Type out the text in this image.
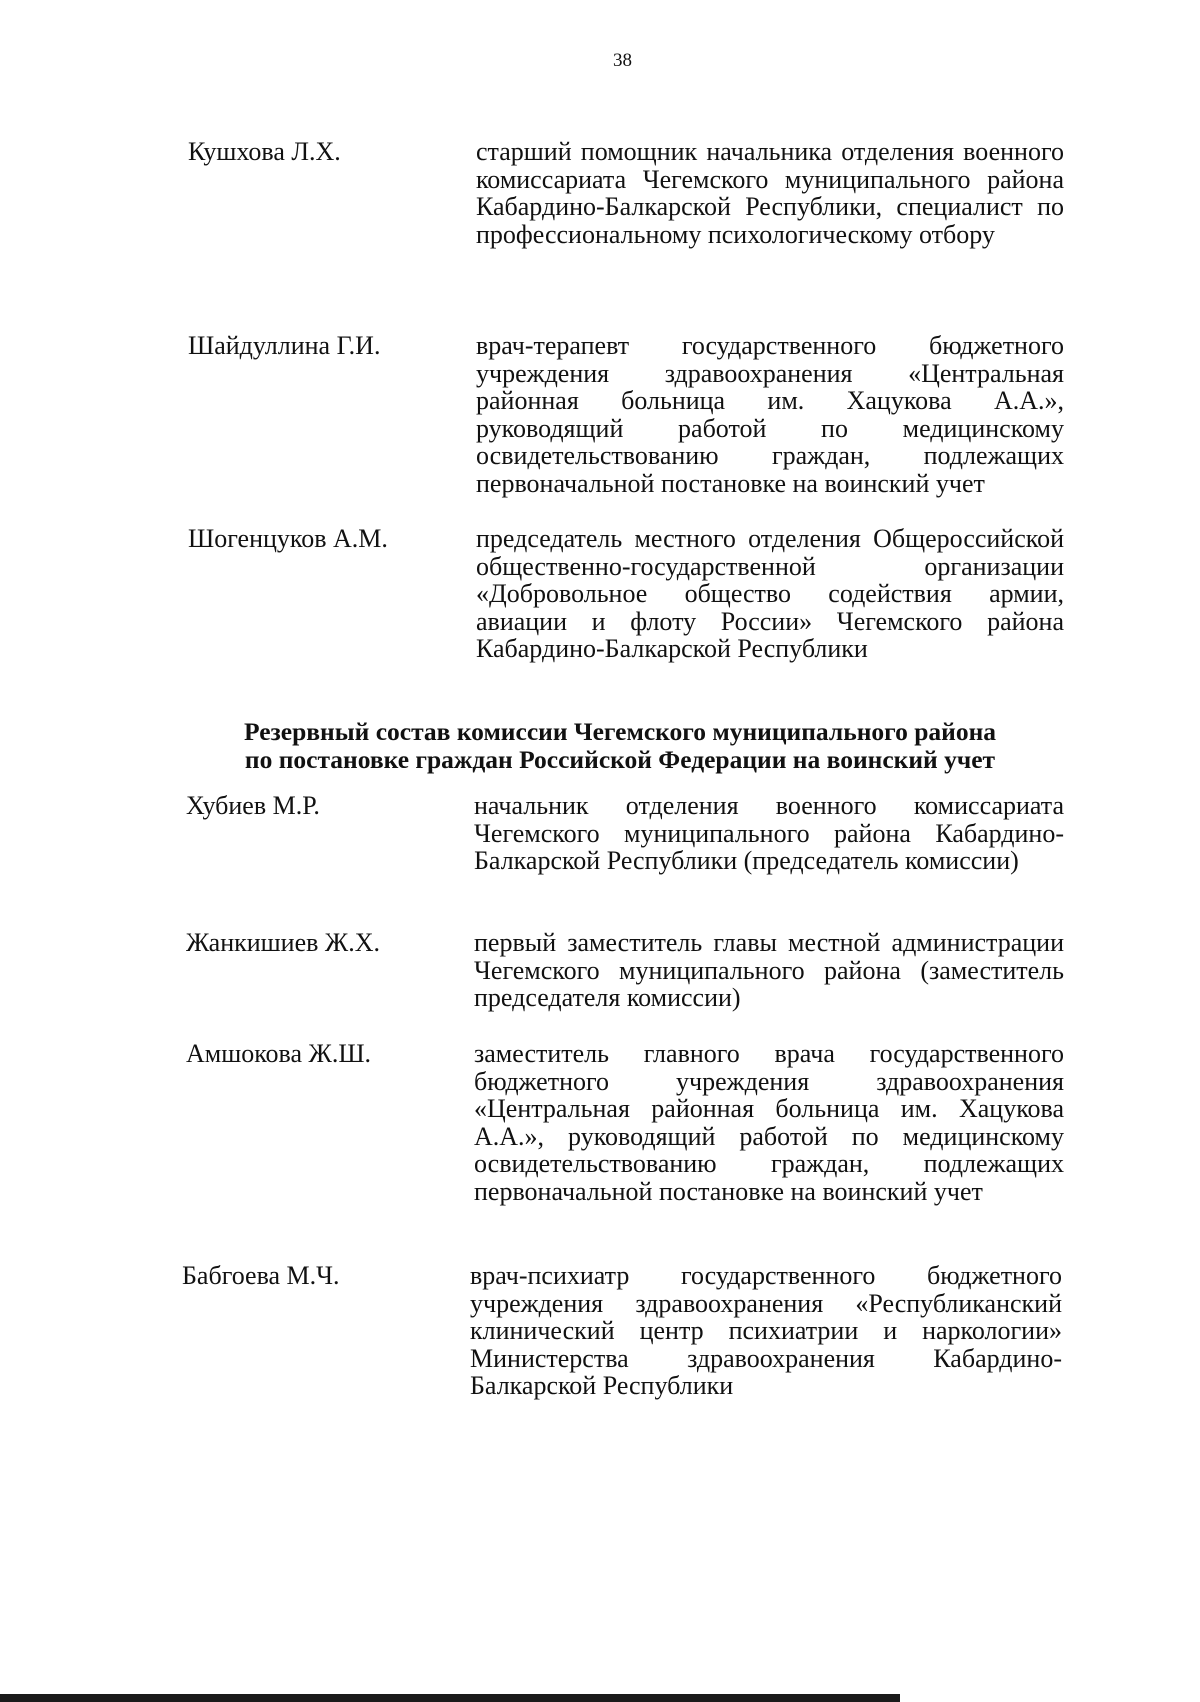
38
Кушхова Л.Х.	старший помощник начальника отделения военного комиссариата Чегемского муниципального района Кабардино-Балкарской Республики, специалист по профессиональному психологическому отбору
Шайдуллина Г.И.	врач-терапевт государственного бюджетного учреждения здравоохранения «Центральная районная больница им. Хацукова А.А.», руководящий работой по медицинскому освидетельствованию граждан, подлежащих первоначальной постановке на воинский учет
Шогенцуков А.М.	председатель местного отделения Общероссийской общественно-государственной организации «Добровольное общество содействия армии, авиации и флоту России» Чегемского района Кабардино-Балкарской Республики
Резервный состав комиссии Чегемского муниципального района
по постановке граждан Российской Федерации на воинский учет
Хубиев М.Р.	начальник отделения военного комиссариата Чегемского муниципального района Кабардино-Балкарской Республики (председатель комиссии)
Жанкишиев Ж.Х.	первый заместитель главы местной администрации Чегемского муниципального района (заместитель председателя комиссии)
Амшокова Ж.Ш.	заместитель главного врача государственного бюджетного учреждения здравоохранения «Центральная районная больница им. Хацукова А.А.», руководящий работой по медицинскому освидетельствованию граждан, подлежащих первоначальной постановке на воинский учет
Бабгоева М.Ч.	врач-психиатр государственного бюджетного учреждения здравоохранения «Республиканский клинический центр психиатрии и наркологии» Министерства здравоохранения Кабардино-Балкарской Республики
